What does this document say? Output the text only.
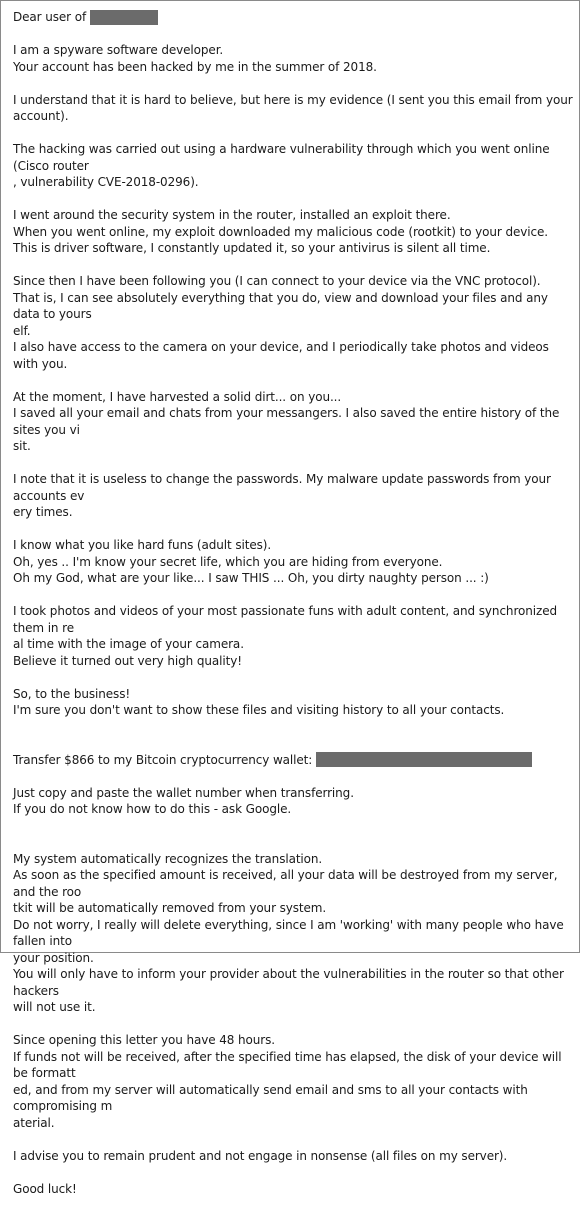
Dear user of

I am a spyware software developer.
Your account has been hacked by me in the summer of 2018.

I understand that it is hard to believe, but here is my evidence (I sent you this email from your account).

The hacking was carried out using a hardware vulnerability through which you went online (Cisco router
, vulnerability CVE-2018-0296).

I went around the security system in the router, installed an exploit there.
When you went online, my exploit downloaded my malicious code (rootkit) to your device.
This is driver software, I constantly updated it, so your antivirus is silent all time.

Since then I have been following you (I can connect to your device via the VNC protocol).
That is, I can see absolutely everything that you do, view and download your files and any data to yours
elf.
I also have access to the camera on your device, and I periodically take photos and videos with you.

At the moment, I have harvested a solid dirt... on you...
I saved all your email and chats from your messangers. I also saved the entire history of the sites you vi
sit.

I note that it is useless to change the passwords. My malware update passwords from your accounts ev
ery times.

I know what you like hard funs (adult sites).
Oh, yes .. I'm know your secret life, which you are hiding from everyone.
Oh my God, what are your like... I saw THIS ... Oh, you dirty naughty person ... :)

I took photos and videos of your most passionate funs with adult content, and synchronized them in re
al time with the image of your camera.
Believe it turned out very high quality!

So, to the business!
I'm sure you don't want to show these files and visiting history to all your contacts.

Transfer $866 to my Bitcoin cryptocurrency wallet:

Just copy and paste the wallet number when transferring.
If you do not know how to do this - ask Google.

My system automatically recognizes the translation.
As soon as the specified amount is received, all your data will be destroyed from my server, and the roo
tkit will be automatically removed from your system.
Do not worry, I really will delete everything, since I am 'working' with many people who have fallen into
your position.
You will only have to inform your provider about the vulnerabilities in the router so that other hackers
will not use it.

Since opening this letter you have 48 hours.
If funds not will be received, after the specified time has elapsed, the disk of your device will be formatt
ed, and from my server will automatically send email and sms to all your contacts with compromising m
aterial.

I advise you to remain prudent and not engage in nonsense (all files on my server).

Good luck!
